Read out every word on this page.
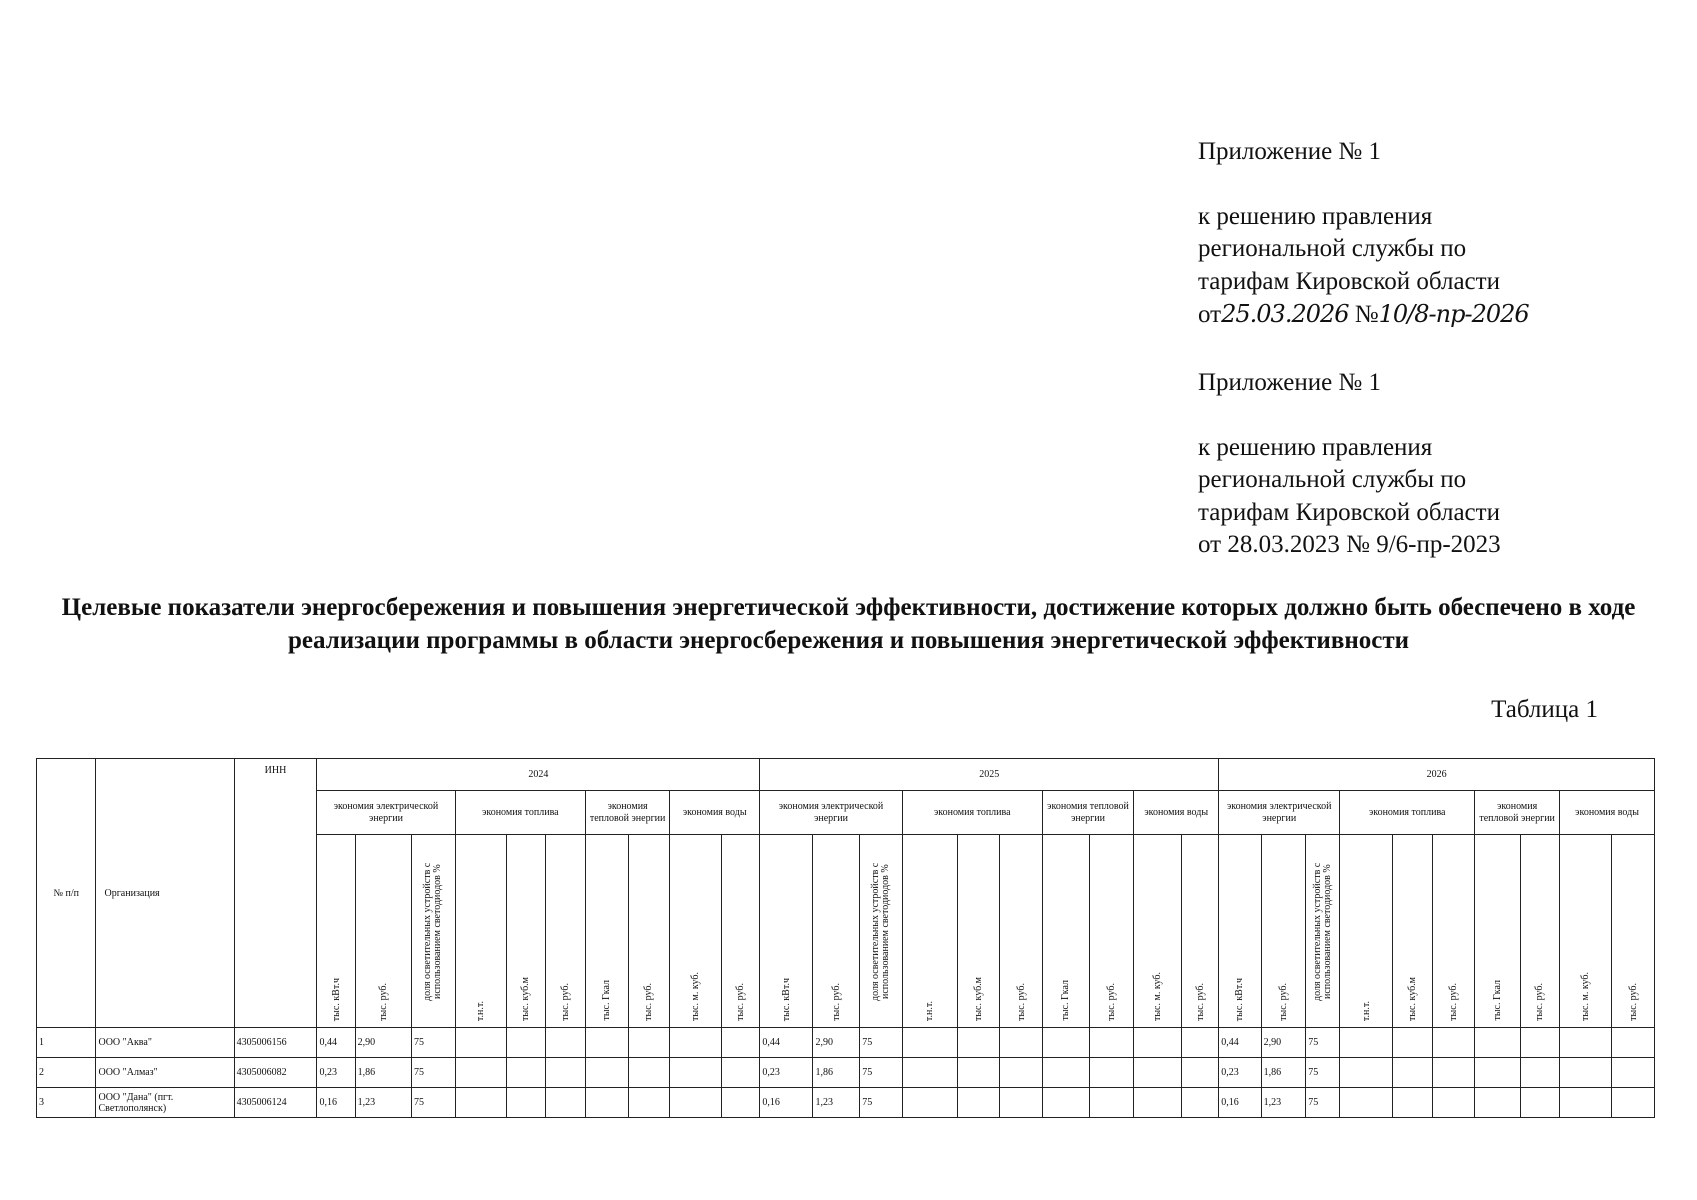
Приложение № 1
к решению правления
региональной службы по
тарифам Кировской области
от25.03.2026 №10/8-пр-2026
Приложение № 1
к решению правления
региональной службы по
тарифам Кировской области
от 28.03.2023 № 9/6-пр-2023
Целевые показатели энергосбережения и повышения энергетической эффективности, достижение которых должно быть обеспечено в ходе реализации программы в области энергосбережения и повышения энергетической эффективности
Таблица 1
№ п/п	Организация	ИНН	2024										2025										2026									
			экономия электрической энергии			экономия топлива			экономия тепловой энергии		экономия воды		экономия электрической энергии			экономия топлива			экономия тепловой энергии		экономия воды		экономия электрической энергии			экономия топлива			экономия тепловой энергии		экономия воды	

			тыс. кВт.ч	тыс. руб.	доля осветительных устройств с использованием светодиодов %	т.н.т.	тыс. куб.м	тыс. руб.	тыс. Гкал	тыс. руб.	тыс. м. куб.	тыс. руб.	тыс. кВт.ч	тыс. руб.	доля осветительных устройств с использованием светодиодов %	т.н.т.	тыс. куб.м	тыс. руб.	тыс. Гкал	тыс. руб.	тыс. м. куб.	тыс. руб.	тыс. кВт.ч	тыс. руб.	доля осветительных устройств с использованием светодиодов %	т.н.т.	тыс. куб.м	тыс. руб.	тыс. Гкал	тыс. руб.	тыс. м. куб.	тыс. руб.

1	ООО "Аква"	4305006156	0,44	2,90	75								0,44	2,90	75								0,44	2,90	75							
2	ООО "Алмаз"	4305006082	0,23	1,86	75								0,23	1,86	75								0,23	1,86	75							
3	ООО "Дана" (пгт. Светлополянск)	4305006124	0,16	1,23	75								0,16	1,23	75								0,16	1,23	75							
